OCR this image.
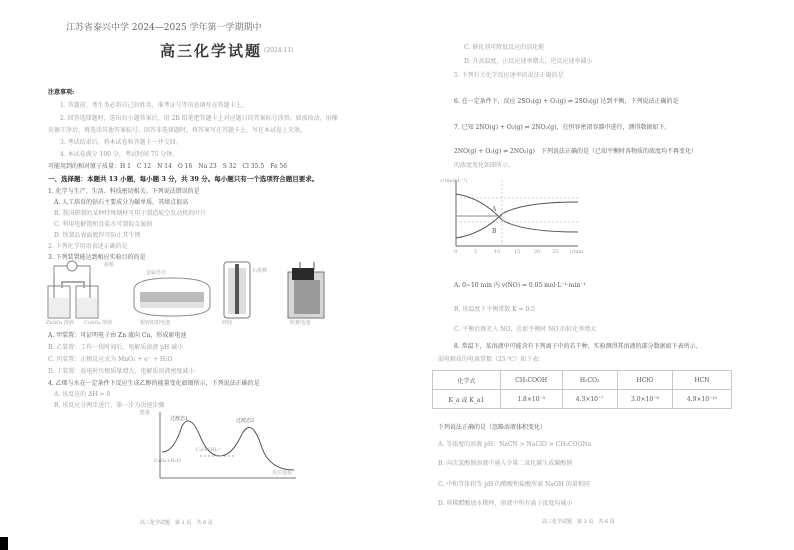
江苏省泰兴中学 2024—2025 学年第一学期期中
高三化学试题 (2024.11)
注意事项:
1. 答题前，考生务必将自己的姓名、准考证号等信息填写在答题卡上。
2. 回答选择题时，选出每小题答案后，用 2B 铅笔把答题卡上对应题目的答案标号涂黑。如需改动，用橡
皮擦干净后，再选涂其他答案标号。回答非选择题时，将答案写在答题卡上，写在本试卷上无效。
3. 考试结束后，将本试卷和答题卡一并交回。
4. 本试卷满分 100 分，考试时间 75 分钟。
可能用到的相对原子质量：H 1　C 12　N 14　O 16　Na 23　S 32　Cl 35.5　Fe 56
一、选择题：本题共 13 小题，每小题 3 分，共 39 分。每小题只有一个选项符合题目要求。
1. 化学与生产、生活、科技密切相关。下列说法错误的是
A. 人工培育的钻石主要成分为碳单质，其熔点很高
B. 我国研制的某种特殊钢材可用于制造航空发动机的叶片
C. 利用电解饱和食盐水可制取金属钠
D. 铁制品表面镀锌可防止其生锈
2. 下列化学用语表述正确的是
3. 下列装置能达到相应实验目的的是
ZnSO₄ 溶液 CuSO₄ 溶液
金属外壳	石墨棒
锌筒	铅蓄电池
银锌纽扣电池
盐桥
A. 甲装置：可证明电子由 Zn 流向 Cu，形成原电池
B. 乙装置：工作一段时间后，电解质溶液 pH 减小
C. 丙装置：正极反应式为 MnO₂ + e⁻ + H₂O
D. 丁装置：放电时负极质量增大，电解质溶液密度减小
4. 乙烯与水在一定条件下反应生成乙醇的能量变化如图所示，下列说法正确的是
A. 该反应的 ΔH > 0
B. 该反应分两步进行，第一步为决速步骤
能量
反应进程
过渡态1	过渡态2
C₂H₅OH₂⁺
C₂H₄+H₂O
高三化学试题　第 1 页　共 6 页
C. 催化剂可降低反应的活化能
D. 升高温度，正反应速率增大，逆反应速率减小
5. 下列有关化学反应速率的说法正确的是
6. 在一定条件下，反应 2SO₂(g) + O₂(g) ⇌ 2SO₃(g) 达到平衡，下列说法正确的是
7. 已知 2NO(g) + O₂(g) ⇌ 2NO₂(g)，在恒容密闭容器中进行，测得数据如下。
2NO(g) + O₂(g) ⇌ 2NO₂(g)　下列说法正确的是（已知平衡时各物质的浓度均不再变化）
的浓度变化如图所示。
c/(mol·L⁻¹)
A
B
0	5	10	15	20 25 t/min
A. 0~10 min 内 v(NO) = 0.05 mol·L⁻¹·min⁻¹
B. 该温度下平衡常数 K = 0.5
C. 平衡后再充入 NO，达新平衡时 NO 的转化率增大
8. 常温下，某溶液中可能含有下列离子中的若干种，实验测得其溶液的部分数据如下表所示。
弱电解质的电离常数（25 ℃）如下表：
化学式	CH₃COOH	H₂CO₃	HClO	HCN
K_a 或 K_a1	1.8×10⁻⁵	4.3×10⁻⁷	3.0×10⁻⁸	4.9×10⁻¹⁰
下列说法正确的是（忽略溶液体积变化）
A. 等浓度的溶液 pH：NaCN > NaClO > CH₃COONa
B. 向次氯酸钠溶液中通入少量二氧化碳生成碳酸钠
C. 中和等体积等 pH 的醋酸和盐酸所需 NaOH 的量相同
D. 将稀醋酸加水稀释，溶液中所有离子浓度均减小
高三化学试题　第 2 页　共 6 页
